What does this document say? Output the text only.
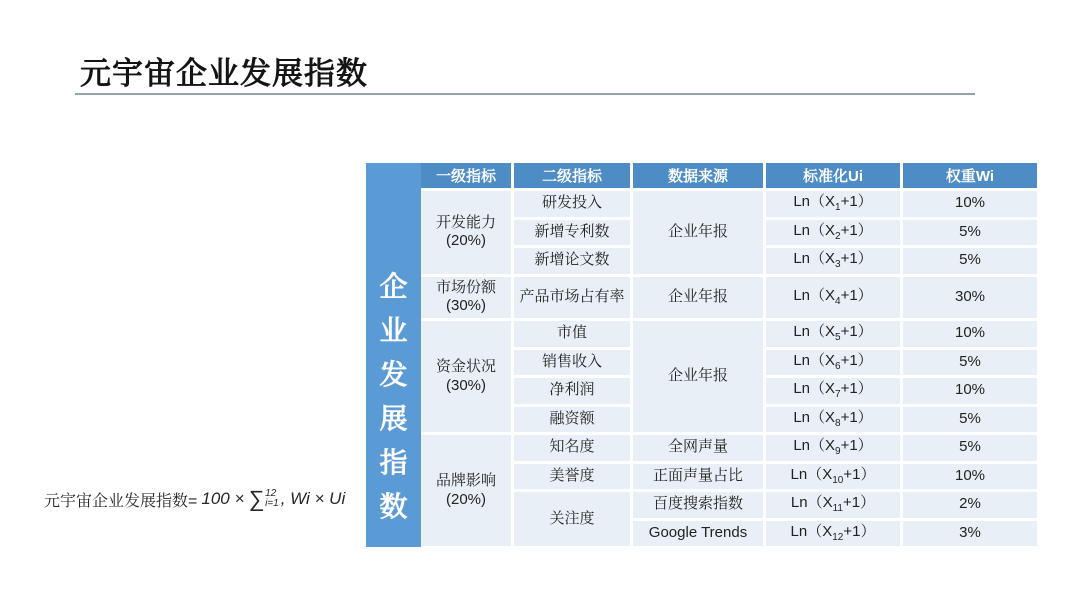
元宇宙企业发展指数
企
业
发
展
指
数
一级指标	二级指标	数据来源	标准化Ui	权重Wi
开发能力
(20%)	研发投入	企业年报	$Ln(X_1+1)$	10%
	新增专利数		$Ln(X_2+1)$	5%
	新增论文数		$Ln(X_3+1)$	5%
市场份额
(30%)	产品市场占有率	企业年报	$Ln(X_4+1)$	30%
资金状况
(30%)	市值	企业年报	$Ln(X_5+1)$	10%
	销售收入		$Ln(X_6+1)$	5%
	净利润		$Ln(X_7+1)$	10%
	融资额		$Ln(X_8+1)$	5%
品牌影响
(20%)	知名度	全网声量	$Ln(X_9+1)$	5%
	美誉度	正面声量占比	$Ln(X_{10}+1)$	10%
	关注度	百度搜索指数	$Ln(X_{11}+1)$	2%
		Google Trends	$Ln(X_{12}+1)$	3%
元宇宙企业发展指数= 100 × ∑ 12
i=1 , Wi × Ui
